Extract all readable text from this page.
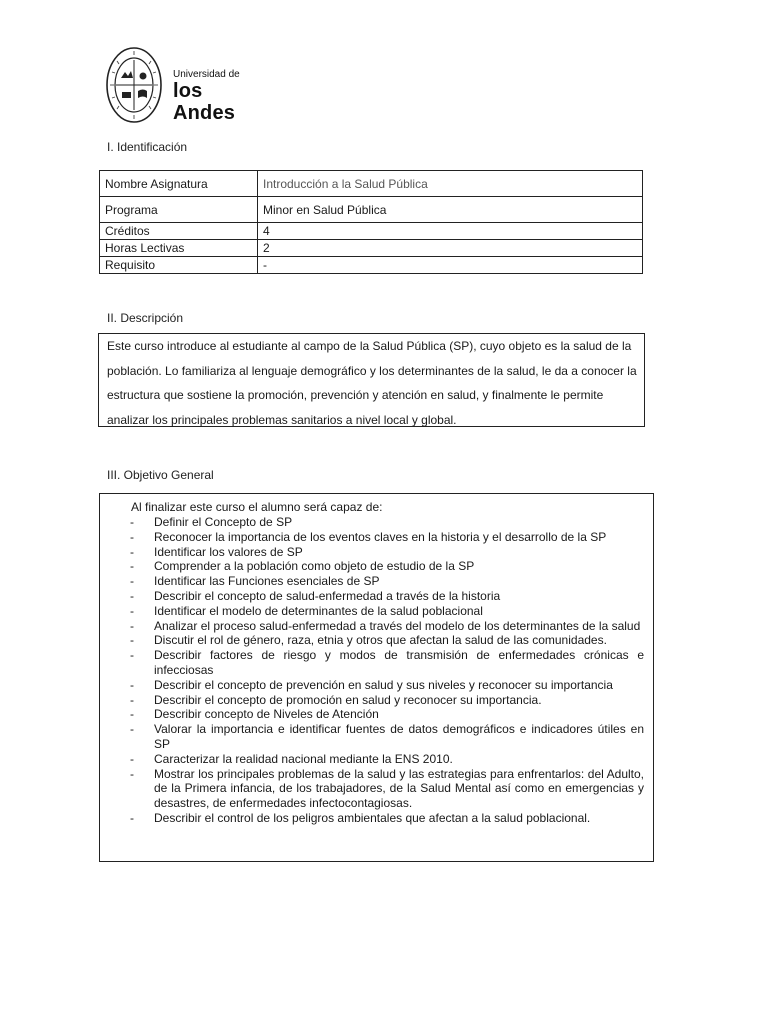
Universidad de
los Andes
I. Identificación
Nombre Asignatura	Introducción a la Salud Pública
Programa	Minor en Salud Pública
Créditos	4
Horas Lectivas	2
Requisito	-
II. Descripción

Este curso introduce al estudiante al campo de la Salud Pública (SP), cuyo objeto es la salud de la población. Lo familiariza al lenguaje demográfico y los determinantes de la salud, le da a conocer la estructura que sostiene la promoción, prevención y atención en salud, y finalmente le permite analizar los principales problemas sanitarios a nivel local y global.

III. Objetivo General
Al finalizar este curso el alumno será capaz de:
- Definir el Concepto de SP
- Reconocer la importancia de los eventos claves en la historia y el desarrollo de la SP
- Identificar los valores de SP
- Comprender a la población como objeto de estudio de la SP
- Identificar las Funciones esenciales de SP
- Describir el concepto de salud-enfermedad a través de la historia
- Identificar el modelo de determinantes de la salud poblacional
- Analizar el proceso salud-enfermedad a través del modelo de los determinantes de la salud
- Discutir el rol de género, raza, etnia y otros que afectan la salud de las comunidades.
- Describir factores de riesgo y modos de transmisión de enfermedades crónicas e infecciosas
- Describir el concepto de prevención en salud y sus niveles y reconocer su importancia
- Describir el concepto de promoción en salud y reconocer su importancia.
- Describir concepto de Niveles de Atención
- Valorar la importancia e identificar fuentes de datos demográficos e indicadores útiles en SP
- Caracterizar la realidad nacional mediante la ENS 2010.
- Mostrar los principales problemas de la salud y las estrategias para enfrentarlos: del Adulto, de la Primera infancia, de los trabajadores, de la Salud Mental así como en emergencias y desastres, de enfermedades infectocontagiosas.
- Describir el control de los peligros ambientales que afectan a la salud poblacional.
